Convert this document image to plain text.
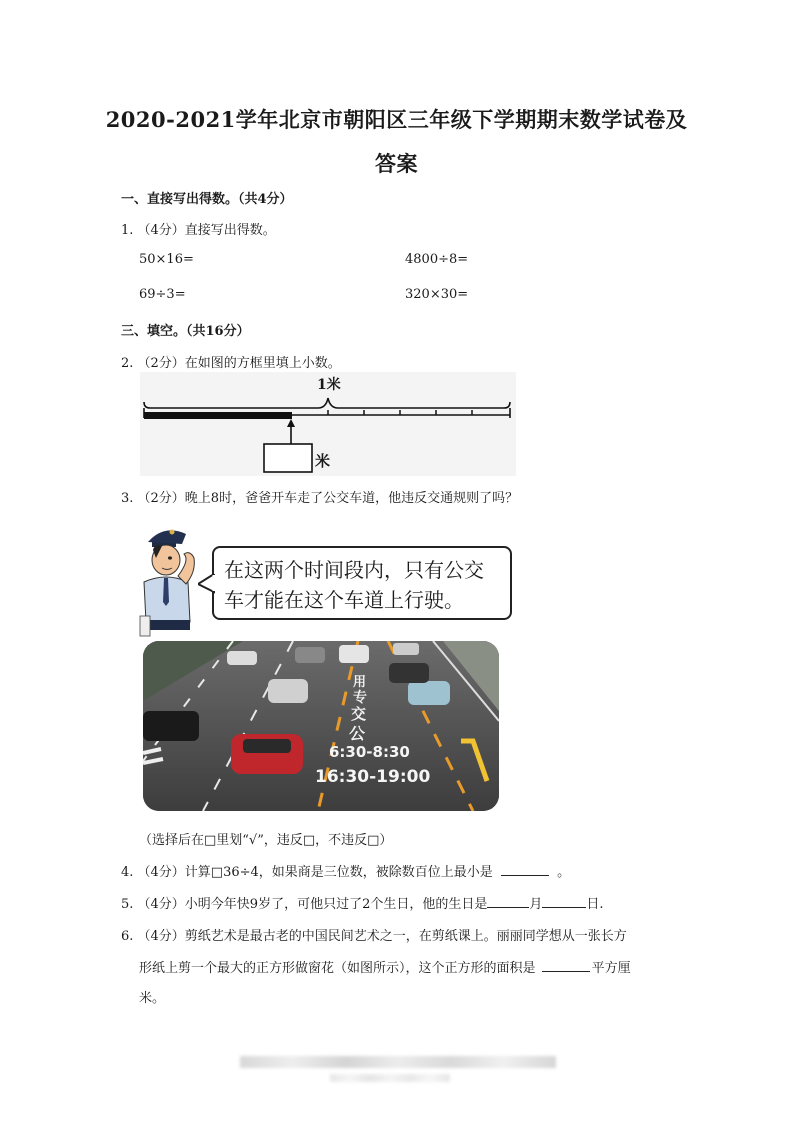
2020-2021学年北京市朝阳区三年级下学期期末数学试卷及
答案
一、直接写出得数。（共4分）
1. （4分）直接写出得数。
50×16=	4800÷8=
69÷3=	320×30=
三、填空。（共16分）
2. （2分）在如图的方框里填上小数。
1米
米
3. （2分）晚上8时，爸爸开车走了公交车道，他违反交通规则了吗？
在这两个时间段内，只有公交
车才能在这个车道上行驶。
用
专
交
公
6:30-8:30
16:30-19:00
（选择后在□里划“√”，违反□，不违反□）
4. （4分）计算□36÷4，如果商是三位数，被除数百位上最小是	。
5. （4分）小明今年快9岁了，可他只过了2个生日，他的生日是	月	日.
6. （4分）剪纸艺术是最古老的中国民间艺术之一，在剪纸课上。丽丽同学想从一张长方
形纸上剪一个最大的正方形做窗花（如图所示），这个正方形的面积是	平方厘
米。
